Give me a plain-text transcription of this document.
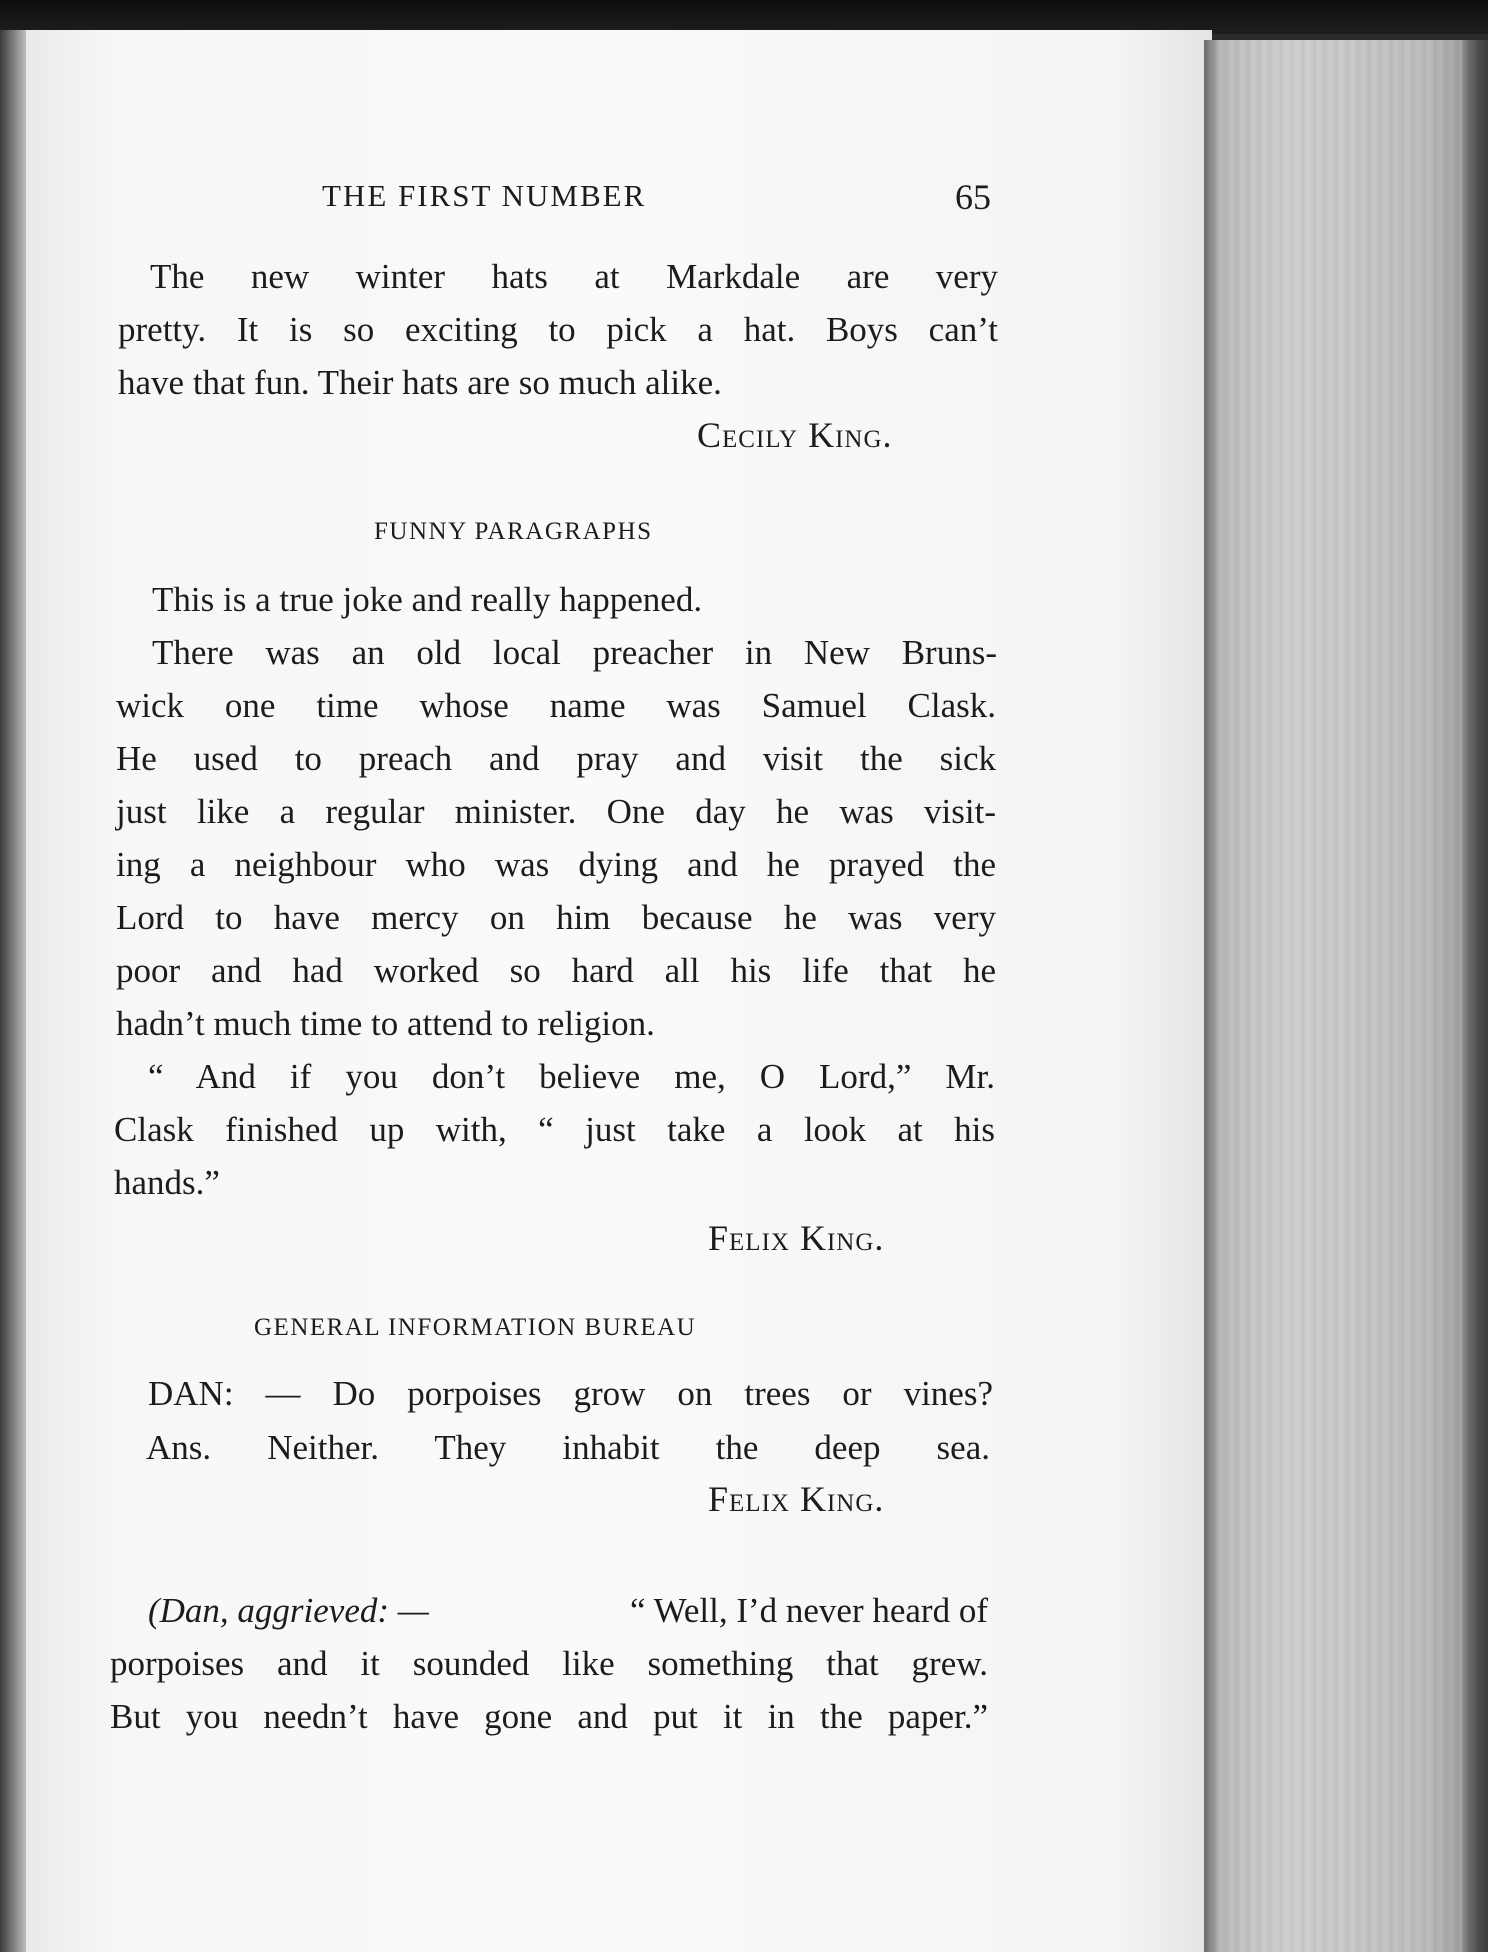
THE FIRST NUMBER	65
The new winter hats at Markdale are very
pretty. It is so exciting to pick a hat. Boys can’t
have that fun. Their hats are so much alike.
Cecily King.
FUNNY PARAGRAPHS
This is a true joke and really happened.
There was an old local preacher in New Bruns-
wick one time whose name was Samuel Clask.
He used to preach and pray and visit the sick
just like a regular minister. One day he was visit-
ing a neighbour who was dying and he prayed the
Lord to have mercy on him because he was very
poor and had worked so hard all his life that he
hadn’t much time to attend to religion.
“ And if you don’t believe me, O Lord,” Mr.
Clask finished up with, “ just take a look at his
hands.”
Felix King.
GENERAL INFORMATION BUREAU
DAN: — Do porpoises grow on trees or vines?
Ans. Neither. They inhabit the deep sea.
Felix King.
(Dan, aggrieved: —	“ Well, I’d never heard of
porpoises and it sounded like something that grew.
But you needn’t have gone and put it in the paper.”
